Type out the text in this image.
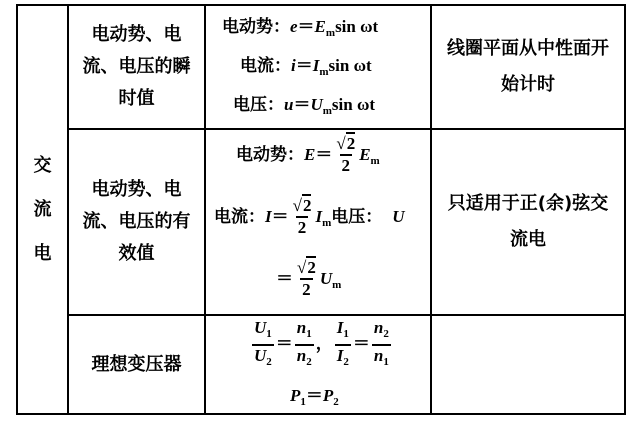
交
流
电
电动势、电
流、电压的瞬
时值
电动势：$e=E_m\sin$ ωt
电流：$i=I_m\sin$ ωt
电压：$u=U_m\sin$ ωt
线圈平面从中性面开
始计时
电动势、电
流、电压的有
效值
电动势：$E= \frac{√2}{2} E_m$
电流：$I= \frac{√2}{2} I_m$电压： U
＝ $\frac{√2}{2} U_m$
只适用于正(余)弦交
流电
理想变压器	$\frac{U_1}{U_2} = \frac{n_1}{n_2}$ ， $\frac{I_1}{I_2} = \frac{n_2}{n_1}$
$P_1=P_2$
